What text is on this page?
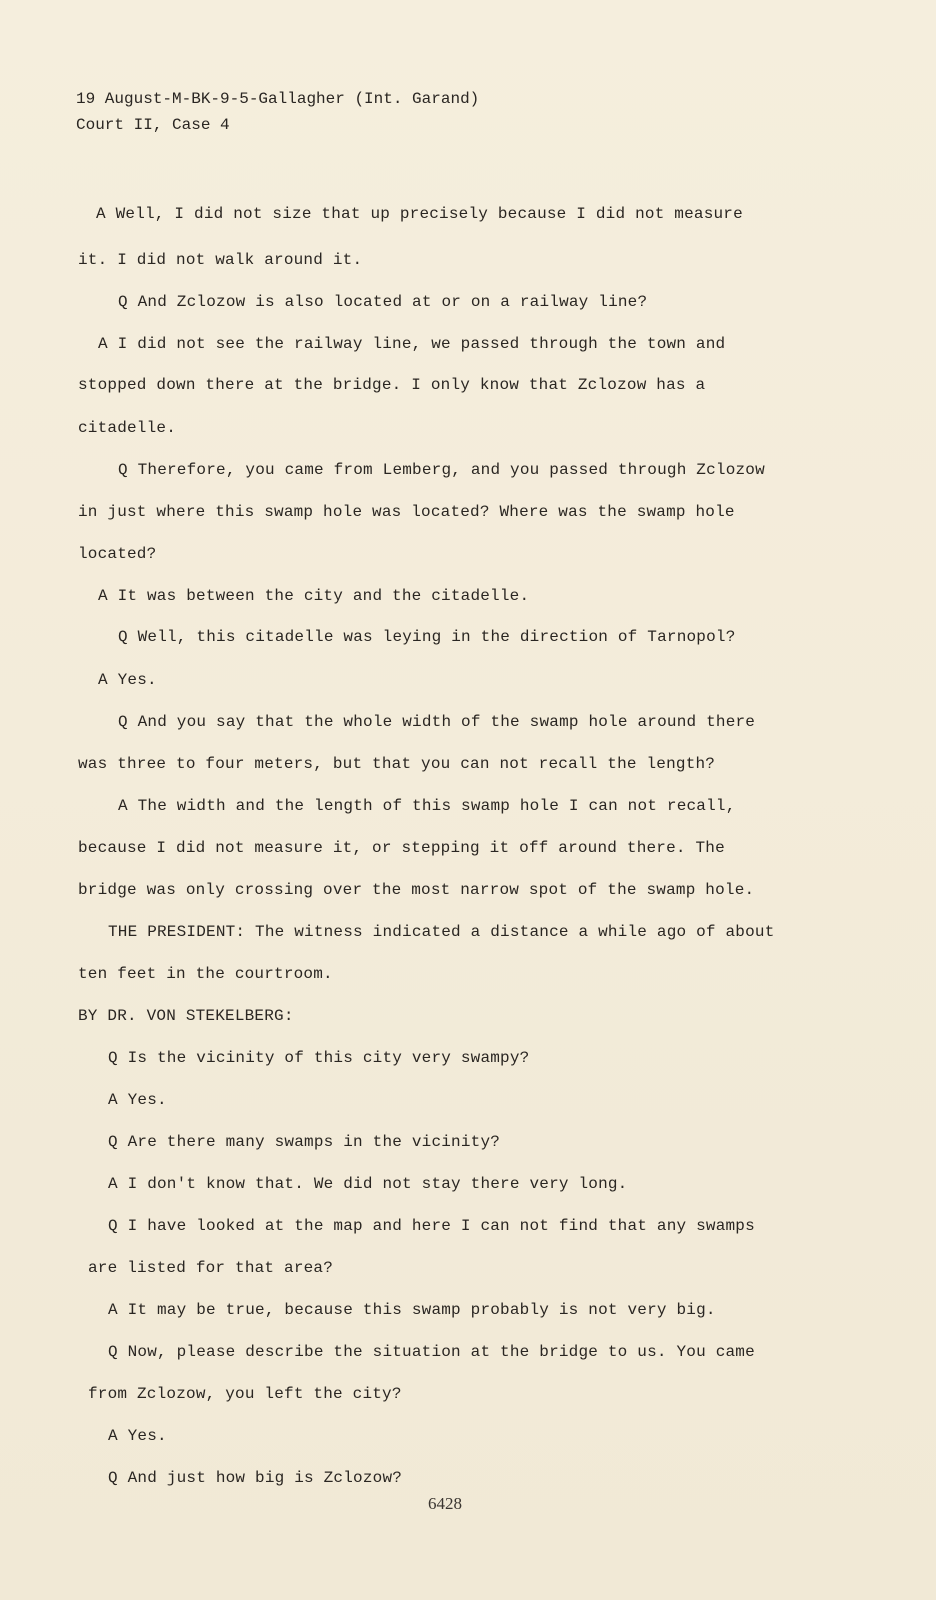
19 August-M-BK-9-5-Gallagher (Int. Garand)
Court II, Case 4
A Well, I did not size that up precisely because I did not measure
it. I did not walk around it.
Q And Zclozow is also located at or on a railway line?
A I did not see the railway line, we passed through the town and
stopped down there at the bridge. I only know that Zclozow has a
citadelle.
Q Therefore, you came from Lemberg, and you passed through Zclozow
in just where this swamp hole was located? Where was the swamp hole
located?
A It was between the city and the citadelle.
Q Well, this citadelle was leying in the direction of Tarnopol?
A Yes.
Q And you say that the whole width of the swamp hole around there
was three to four meters, but that you can not recall the length?
A The width and the length of this swamp hole I can not recall,
because I did not measure it, or stepping it off around there. The
bridge was only crossing over the most narrow spot of the swamp hole.
THE PRESIDENT: The witness indicated a distance a while ago of about
ten feet in the courtroom.
BY DR. VON STEKELBERG:
Q Is the vicinity of this city very swampy?
A Yes.
Q Are there many swamps in the vicinity?
A I don't know that. We did not stay there very long.
Q I have looked at the map and here I can not find that any swamps
are listed for that area?
A It may be true, because this swamp probably is not very big.
Q Now, please describe the situation at the bridge to us. You came
from Zclozow, you left the city?
A Yes.
Q And just how big is Zclozow?
6428
